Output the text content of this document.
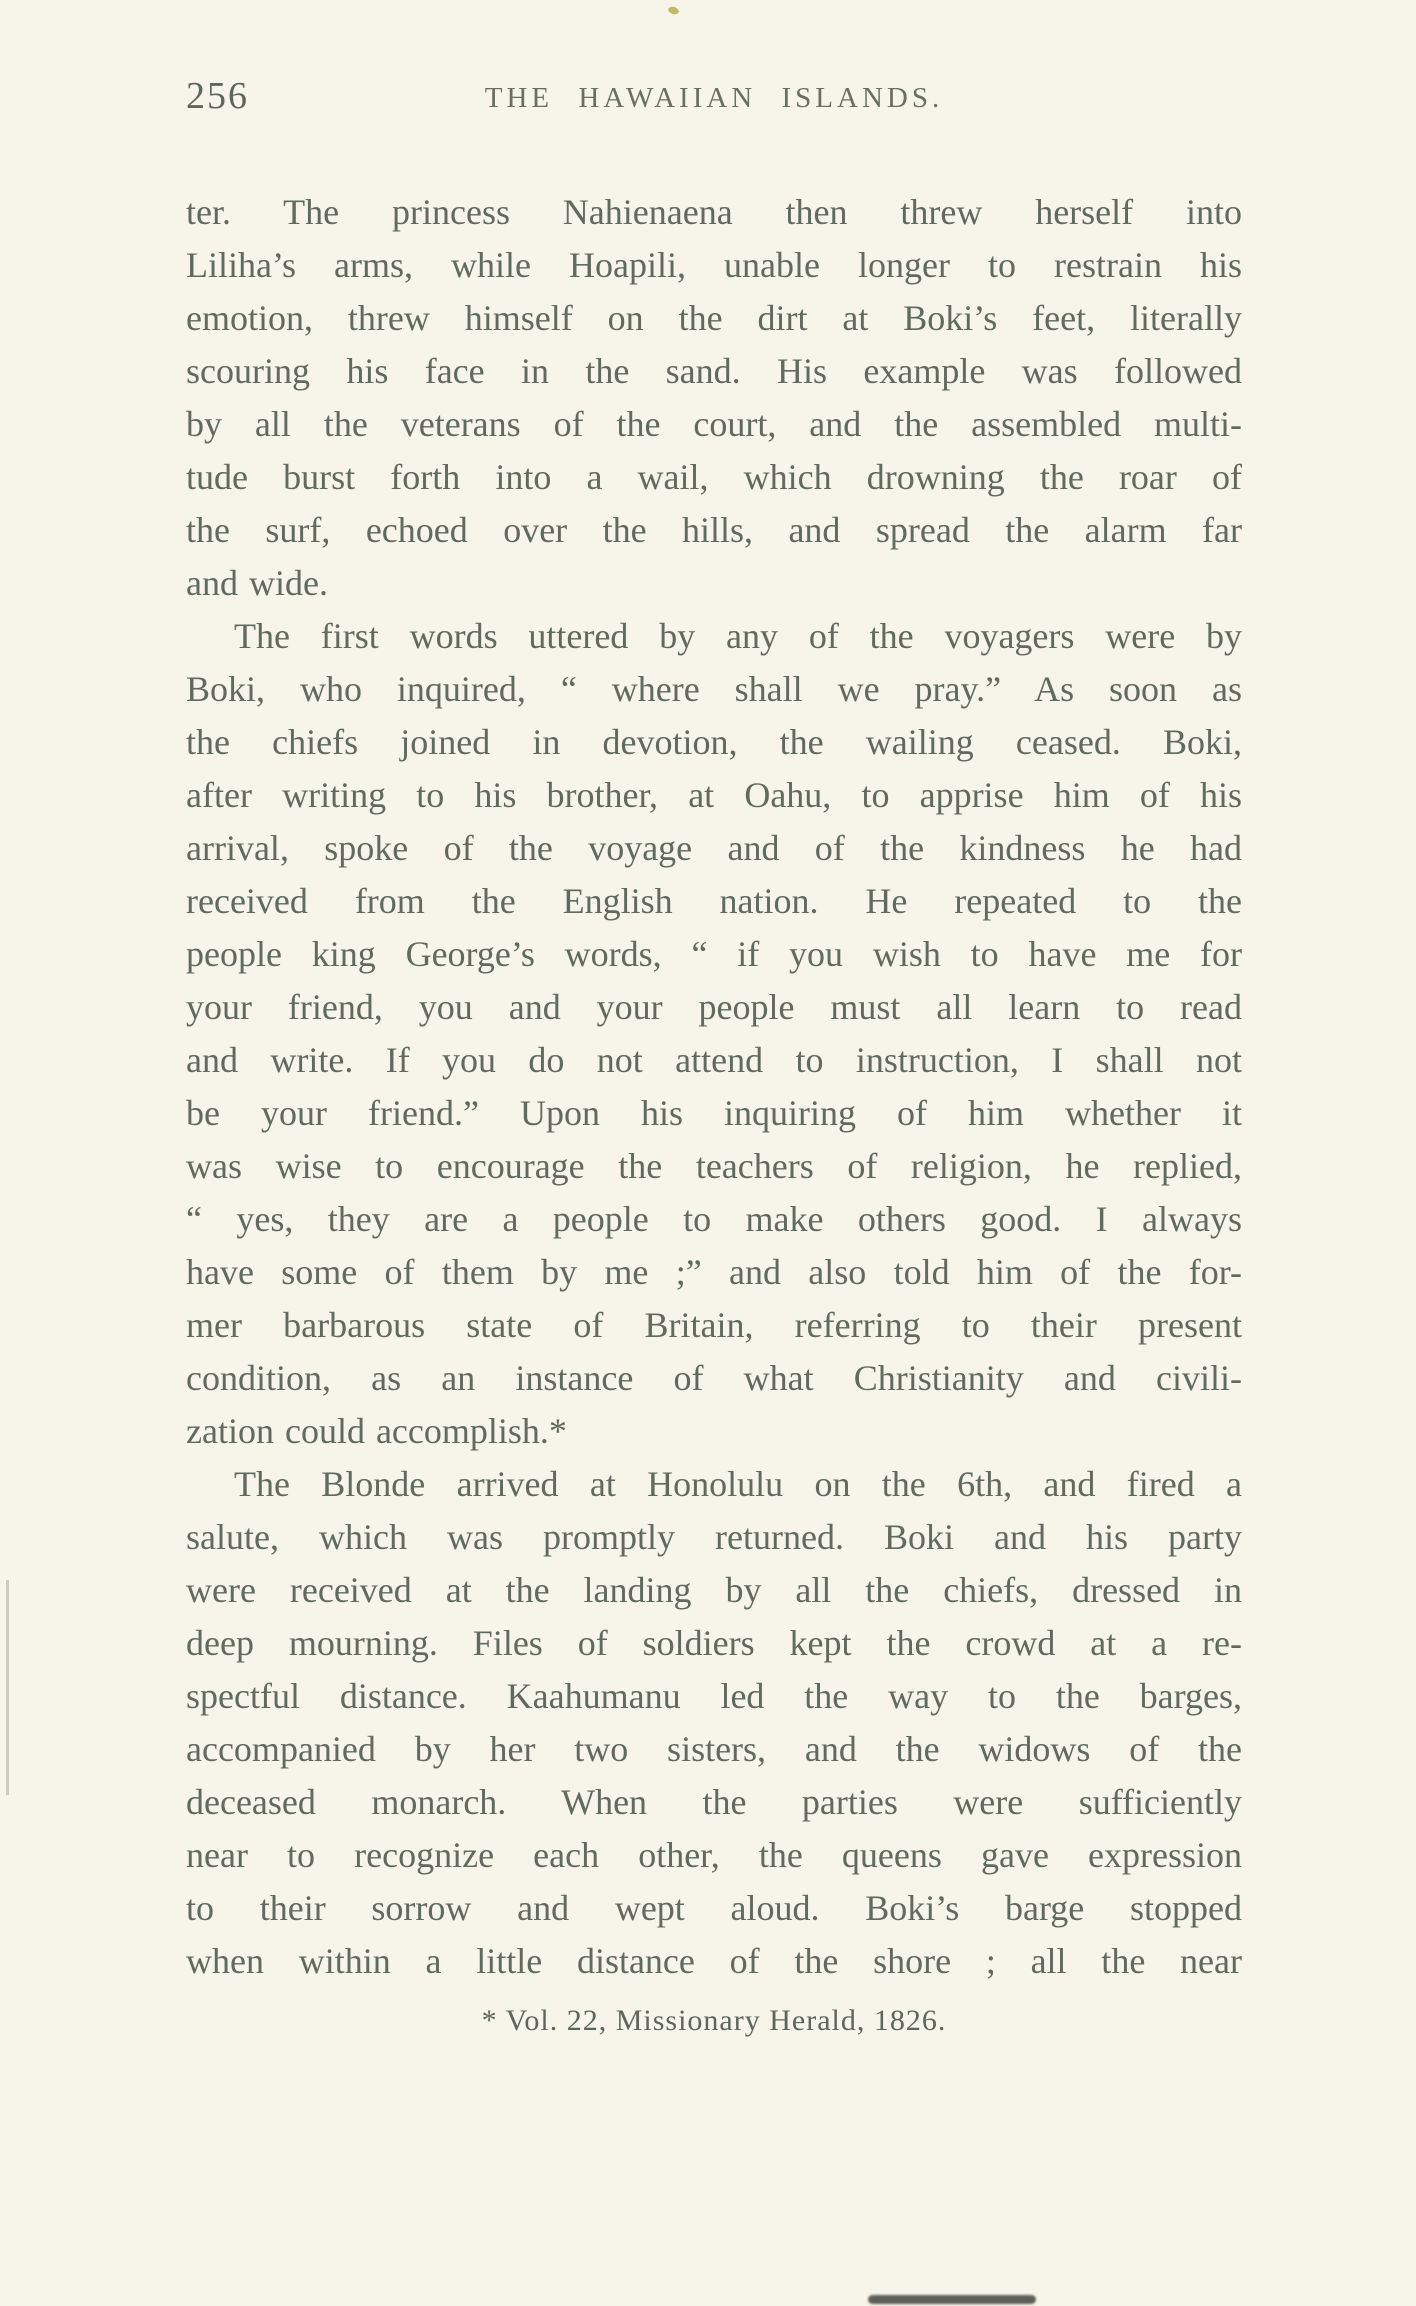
256	THE HAWAIIAN ISLANDS.
ter. The princess Nahienaena then threw herself into
Liliha’s arms, while Hoapili, unable longer to restrain his
emotion, threw himself on the dirt at Boki’s feet, literally
scouring his face in the sand. His example was followed
by all the veterans of the court, and the assembled multi-
tude burst forth into a wail, which drowning the roar of
the surf, echoed over the hills, and spread the alarm far
and wide.
The first words uttered by any of the voyagers were by
Boki, who inquired, “ where shall we pray.” As soon as
the chiefs joined in devotion, the wailing ceased. Boki,
after writing to his brother, at Oahu, to apprise him of his
arrival, spoke of the voyage and of the kindness he had
received from the English nation. He repeated to the
people king George’s words, “ if you wish to have me for
your friend, you and your people must all learn to read
and write. If you do not attend to instruction, I shall not
be your friend.” Upon his inquiring of him whether it
was wise to encourage the teachers of religion, he replied,
“ yes, they are a people to make others good. I always
have some of them by me ;” and also told him of the for-
mer barbarous state of Britain, referring to their present
condition, as an instance of what Christianity and civili-
zation could accomplish.*
The Blonde arrived at Honolulu on the 6th, and fired a
salute, which was promptly returned. Boki and his party
were received at the landing by all the chiefs, dressed in
deep mourning. Files of soldiers kept the crowd at a re-
spectful distance. Kaahumanu led the way to the barges,
accompanied by her two sisters, and the widows of the
deceased monarch. When the parties were sufficiently
near to recognize each other, the queens gave expression
to their sorrow and wept aloud. Boki’s barge stopped
when within a little distance of the shore ; all the near
* Vol. 22, Missionary Herald, 1826.
